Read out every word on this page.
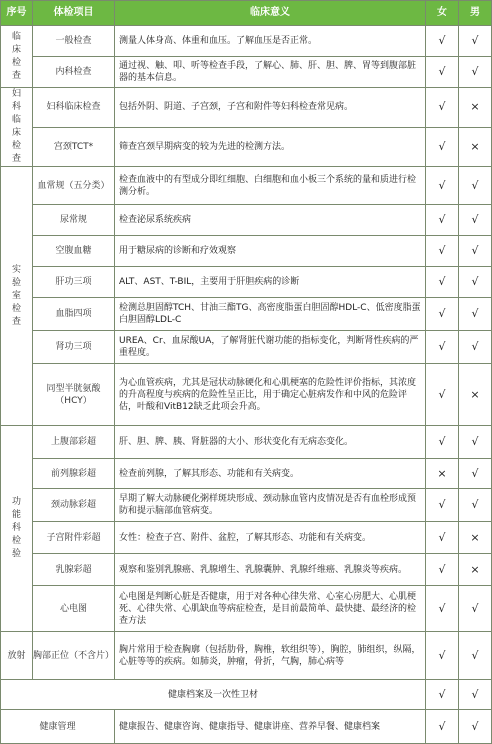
序号	体检项目	临床意义	女	男

临床检查	一般检查	测量人体身高、体重和血压。了解血压是否正常。	√	√
	内科检查	通过视、触、叩、听等检查手段，了解心、肺、肝、胆、脾、胃等到腹部脏器的基本信息。	√	√

妇科临床检查	妇科临床检查	包括外阴、阴道、子宫颈，子宫和附件等妇科检查常见病。	√	×
	宫颈TCT*	筛查宫颈早期病变的较为先进的检测方法。	√	×

实验室检查	血常规（五分类）	检查血液中的有型成分即红细胞、白细胞和血小板三个系统的量和质进行检测分析。	√	√
	尿常规	检查泌尿系统疾病	√	√
	空腹血糖	用于糖尿病的诊断和疗效观察	√	√
	肝功三项	ALT、AST、T-BIL，主要用于肝胆疾病的诊断	√	√
	血脂四项	检测总胆固醇TCH、甘油三酯TG、高密度脂蛋白胆固醇HDL-C、低密度脂蛋白胆固醇LDL-C	√	√
	肾功三项	UREA、Cr、血尿酸UA，了解肾脏代谢功能的指标变化，判断肾性疾病的严重程度。	√	√
	同型半胱氨酸（HCY）	为心血管疾病，尤其是冠状动脉硬化和心肌梗塞的危险性评价指标，其浓度的升高程度与疾病的危险性呈正比，用于确定心脏病发作和中风的危险评估，叶酸和VitB12缺乏此项会升高。	√	×

功能科检验	上腹部彩超	肝、胆、脾、胰、肾脏器的大小、形状变化有无病态变化。	√	√
	前列腺彩超	检查前列腺，了解其形态、功能和有关病变。	×	√
	颈动脉彩超	早期了解大动脉硬化粥样斑块形成、颈动脉血管内皮情况是否有血栓形成预防和提示脑部血管病变。	√	√
	子宫附件彩超	女性：检查子宫、附件、盆腔，了解其形态、功能和有关病变。	√	×
	乳腺彩超	观察和鉴别乳腺癌、乳腺增生、乳腺囊肿、乳腺纤维癌、乳腺炎等疾病。	√	×
	心电图	心电图是判断心脏是否健康，用于对各种心律失常、心室心房肥大、心肌梗死、心律失常、心肌缺血等病症检查，是目前最简单、最快捷、最经济的检查方法	√	√
放射	胸部正位（不含片）	胸片常用于检查胸廓（包括肋骨，胸椎，软组织等），胸腔，肺组织，纵隔，心脏等等的疾病。如肺炎，肿瘤，骨折，气胸，肺心病等	√	√
健康档案及一次性卫材			√	√
健康管理		健康报告、健康咨询、健康指导、健康讲座、营养早餐、健康档案	√	√
